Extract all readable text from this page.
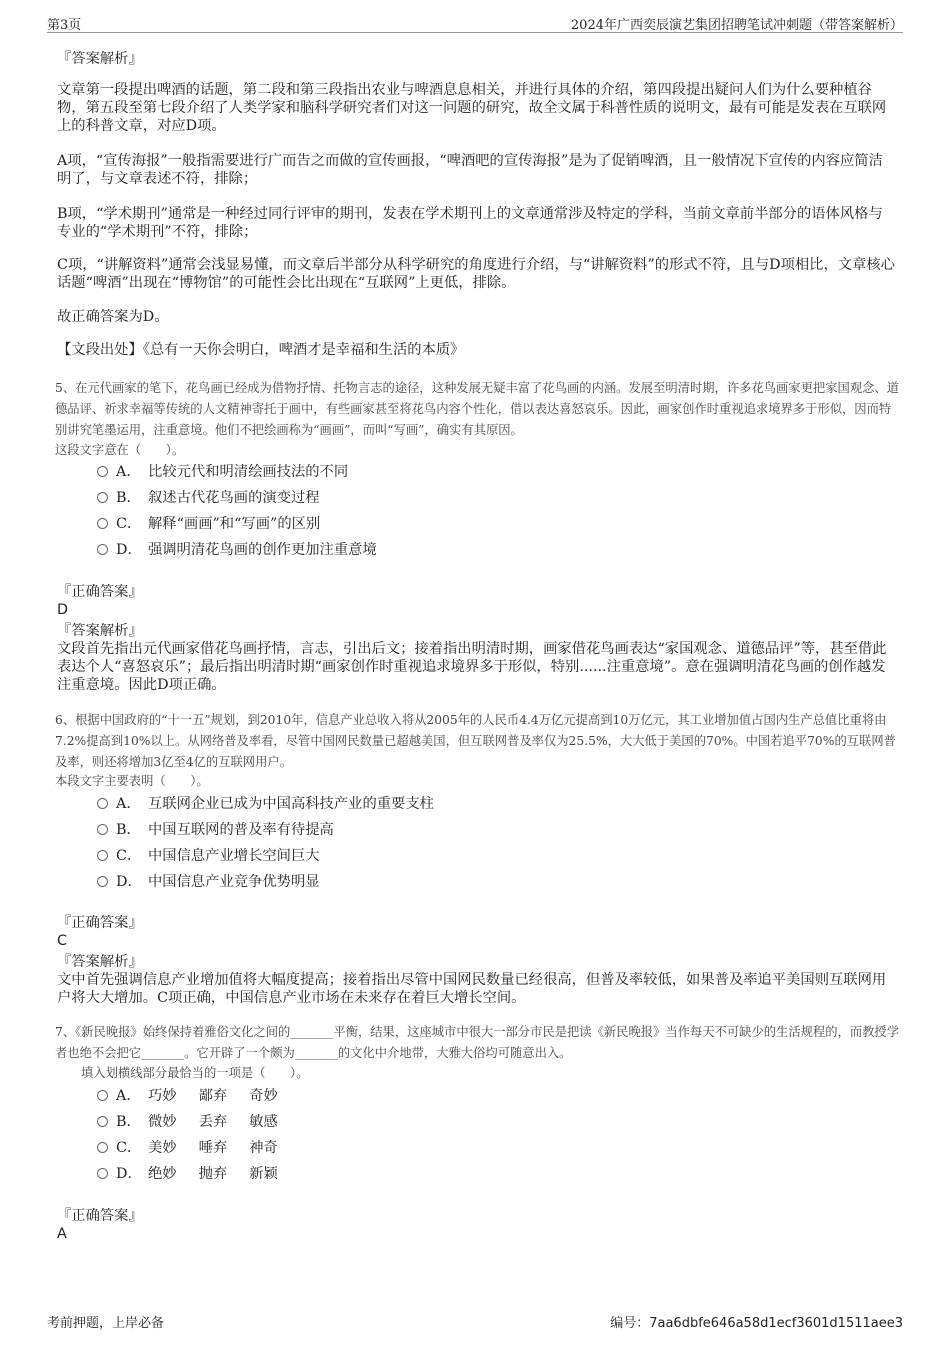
第3页	2024年广西奕辰演艺集团招聘笔试冲刺题（带答案解析）
『答案解析』
文章第一段提出啤酒的话题，第二段和第三段指出农业与啤酒息息相关，并进行具体的介绍，第四段提出疑问人们为什么要种植谷物，第五段至第七段介绍了人类学家和脑科学研究者们对这一问题的研究，故全文属于科普性质的说明文，最有可能是发表在互联网上的科普文章，对应D项。
A项，“宣传海报”一般指需要进行广而告之而做的宣传画报，“啤酒吧的宣传海报”是为了促销啤酒，且一般情况下宣传的内容应简洁明了，与文章表述不符，排除；
B项，“学术期刊”通常是一种经过同行评审的期刊，发表在学术期刊上的文章通常涉及特定的学科，当前文章前半部分的语体风格与专业的“学术期刊”不符，排除；
C项，“讲解资料”通常会浅显易懂，而文章后半部分从科学研究的角度进行介绍，与“讲解资料”的形式不符，且与D项相比，文章核心话题“啤酒”出现在“博物馆”的可能性会比出现在“互联网”上更低，排除。
故正确答案为D。
【文段出处】《总有一天你会明白，啤酒才是幸福和生活的本质》
5、在元代画家的笔下，花鸟画已经成为借物抒情、托物言志的途径，这种发展无疑丰富了花鸟画的内涵。发展至明清时期，许多花鸟画家更把家国观念、道德品评、祈求幸福等传统的人文精神寄托于画中，有些画家甚至将花鸟内容个性化，借以表达喜怒哀乐。因此，画家创作时重视追求境界多于形似，因而特别讲究笔墨运用，注重意境。他们不把绘画称为“画画”，而叫“写画”，确实有其原因。
这段文字意在（　　）。
A． 比较元代和明清绘画技法的不同
B． 叙述古代花鸟画的演变过程
C． 解释“画画”和“写画”的区别
D． 强调明清花鸟画的创作更加注重意境
『正确答案』
D
『答案解析』
文段首先指出元代画家借花鸟画抒情，言志，引出后文；接着指出明清时期，画家借花鸟画表达“家国观念、道德品评”等，甚至借此表达个人“喜怒哀乐”；最后指出明清时期“画家创作时重视追求境界多于形似，特别......注重意境”。意在强调明清花鸟画的创作越发注重意境。因此D项正确。
6、根据中国政府的“十一五”规划，到2010年，信息产业总收入将从2005年的人民币4.4万亿元提高到10万亿元，其工业增加值占国内生产总值比重将由7.2%提高到10%以上。从网络普及率看，尽管中国网民数量已超越美国，但互联网普及率仅为25.5%，大大低于美国的70%。中国若追平70%的互联网普及率，则还将增加3亿至4亿的互联网用户。
本段文字主要表明（　　）。
A． 互联网企业已成为中国高科技产业的重要支柱
B． 中国互联网的普及率有待提高
C． 中国信息产业增长空间巨大
D． 中国信息产业竞争优势明显
『正确答案』
C
『答案解析』
文中首先强调信息产业增加值将大幅度提高；接着指出尽管中国网民数量已经很高，但普及率较低，如果普及率追平美国则互联网用户将大大增加。C项正确，中国信息产业市场在未来存在着巨大增长空间。
7、《新民晚报》始终保持着雅俗文化之间的_______平衡，结果，这座城市中很大一部分市民是把读《新民晚报》当作每天不可缺少的生活规程的，而教授学者也绝不会把它_______。它开辟了一个颇为_______的文化中介地带，大雅大俗均可随意出入。
填入划横线部分最恰当的一项是（　　）。
A． 巧妙 鄙弃 奇妙
B． 微妙 丢弃 敏感
C． 美妙 唾弃 神奇
D． 绝妙 抛弃 新颖
『正确答案』
A
考前押题，上岸必备	编号：7aa6dbfe646a58d1ecf3601d1511aee3
